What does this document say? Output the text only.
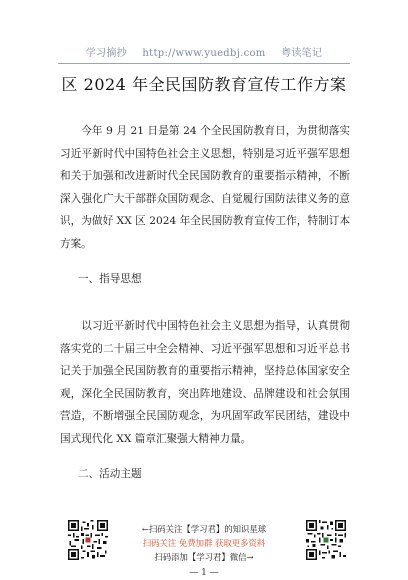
学习摘抄 http://www.yuedbj.com 粤读笔记
区 2024 年全民国防教育宣传工作方案

今年 9 月 21 日是第 24 个全民国防教育日，为贯彻落实习近平新时代中国特色社会主义思想，特别是习近平强军思想和关于加强和改进新时代全民国防教育的重要指示精神，不断深入强化广大干部群众国防观念、自觉履行国防法律义务的意识，为做好 XX 区 2024 年全民国防教育宣传工作，特制订本方案。

一、指导思想

以习近平新时代中国特色社会主义思想为指导，认真贯彻落实党的二十届三中全会精神、习近平强军思想和习近平总书记关于加强全民国防教育的重要指示精神，坚持总体国家安全观，深化全民国防教育，突出阵地建设、品牌建设和社会氛围营造，不断增强全民国防观念，为巩固军政军民团结，建设中国式现代化 XX 篇章汇聚强大精神力量。

二、活动主题
←扫码关注【学习君】的知识星球
扫码关注 免费加群 获取更多资料
扫码添加【学习君】微信→
— 1 —
